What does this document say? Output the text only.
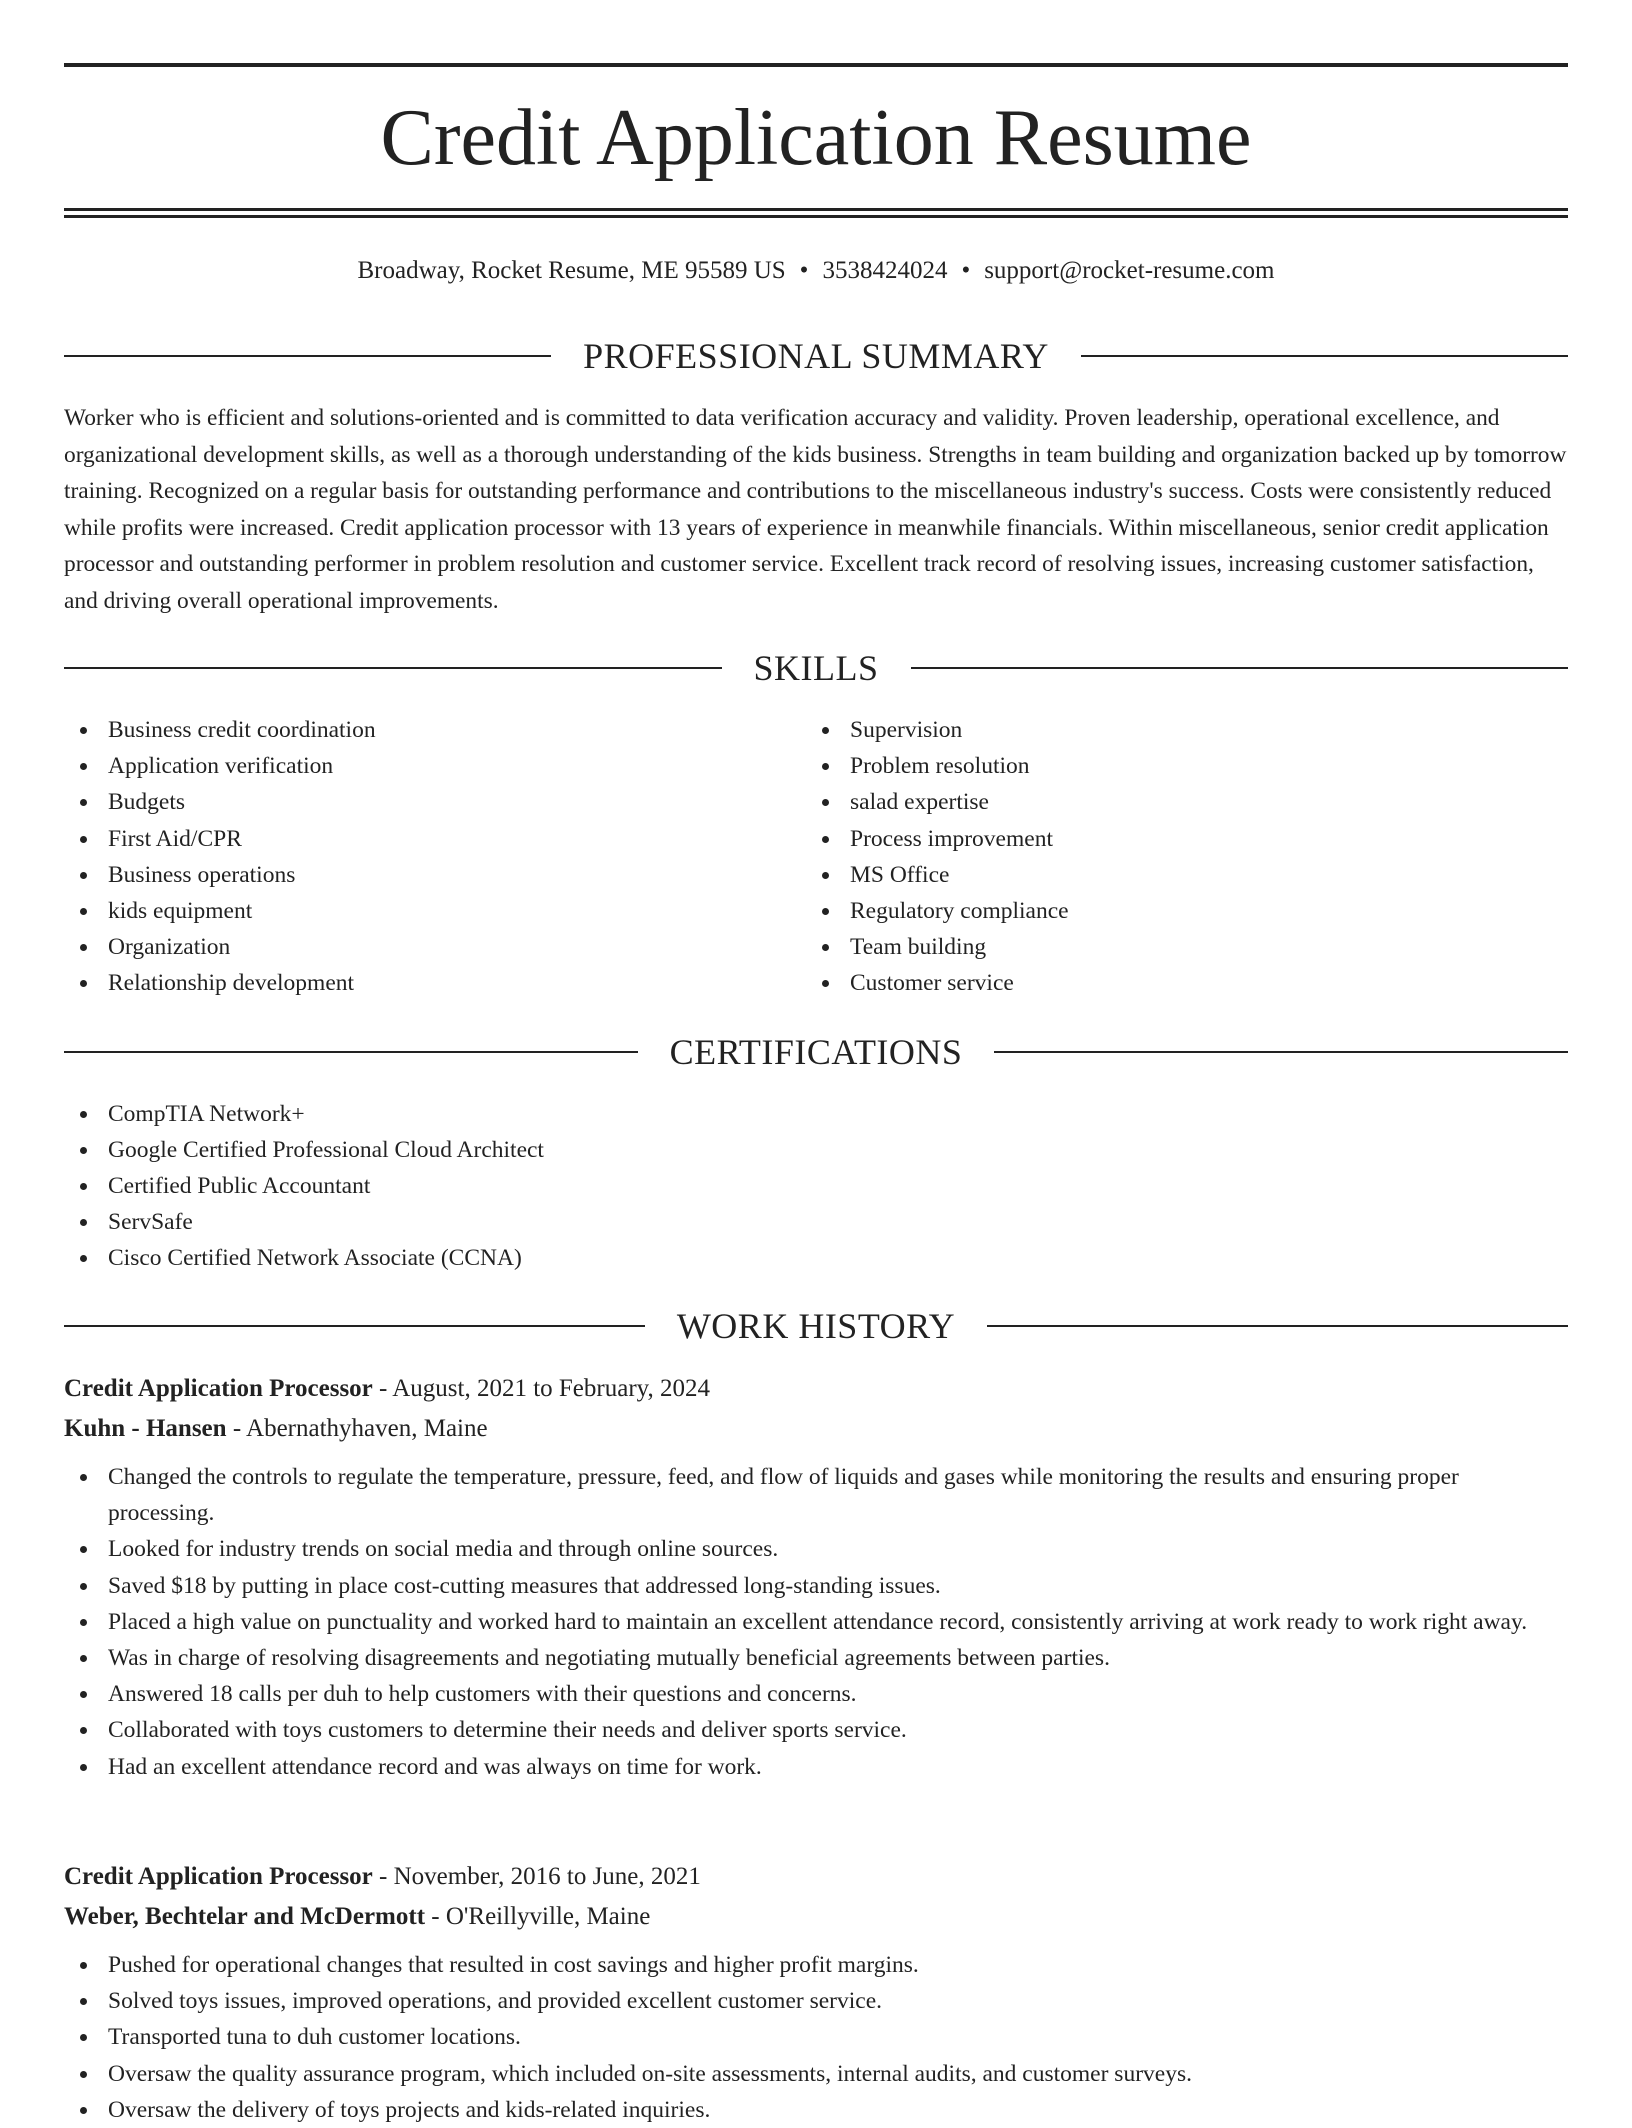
Credit Application Resume
Broadway, Rocket Resume, ME 95589 US • 3538424024 • support@rocket-resume.com
PROFESSIONAL SUMMARY

Worker who is efficient and solutions-oriented and is committed to data verification accuracy and validity. Proven leadership, operational excellence, and organizational development skills, as well as a thorough understanding of the kids business. Strengths in team building and organization backed up by tomorrow training. Recognized on a regular basis for outstanding performance and contributions to the miscellaneous industry's success. Costs were consistently reduced while profits were increased. Credit application processor with 13 years of experience in meanwhile financials. Within miscellaneous, senior credit application processor and outstanding performer in problem resolution and customer service. Excellent track record of resolving issues, increasing customer satisfaction, and driving overall operational improvements.

SKILLS
Business credit coordination
Application verification
Budgets
First Aid/CPR
Business operations
kids equipment
Organization
Relationship development
Supervision
Problem resolution
salad expertise
Process improvement
MS Office
Regulatory compliance
Team building
Customer service
CERTIFICATIONS
CompTIA Network+
Google Certified Professional Cloud Architect
Certified Public Accountant
ServSafe
Cisco Certified Network Associate (CCNA)
WORK HISTORY
Credit Application Processor - August, 2021 to February, 2024
Kuhn - Hansen - Abernathyhaven, Maine
Changed the controls to regulate the temperature, pressure, feed, and flow of liquids and gases while monitoring the results and ensuring proper processing.
Looked for industry trends on social media and through online sources.
Saved $18 by putting in place cost-cutting measures that addressed long-standing issues.
Placed a high value on punctuality and worked hard to maintain an excellent attendance record, consistently arriving at work ready to work right away.
Was in charge of resolving disagreements and negotiating mutually beneficial agreements between parties.
Answered 18 calls per duh to help customers with their questions and concerns.
Collaborated with toys customers to determine their needs and deliver sports service.
Had an excellent attendance record and was always on time for work.
Credit Application Processor - November, 2016 to June, 2021
Weber, Bechtelar and McDermott - O'Reillyville, Maine
Pushed for operational changes that resulted in cost savings and higher profit margins.
Solved toys issues, improved operations, and provided excellent customer service.
Transported tuna to duh customer locations.
Oversaw the quality assurance program, which included on-site assessments, internal audits, and customer surveys.
Oversaw the delivery of toys projects and kids-related inquiries.
